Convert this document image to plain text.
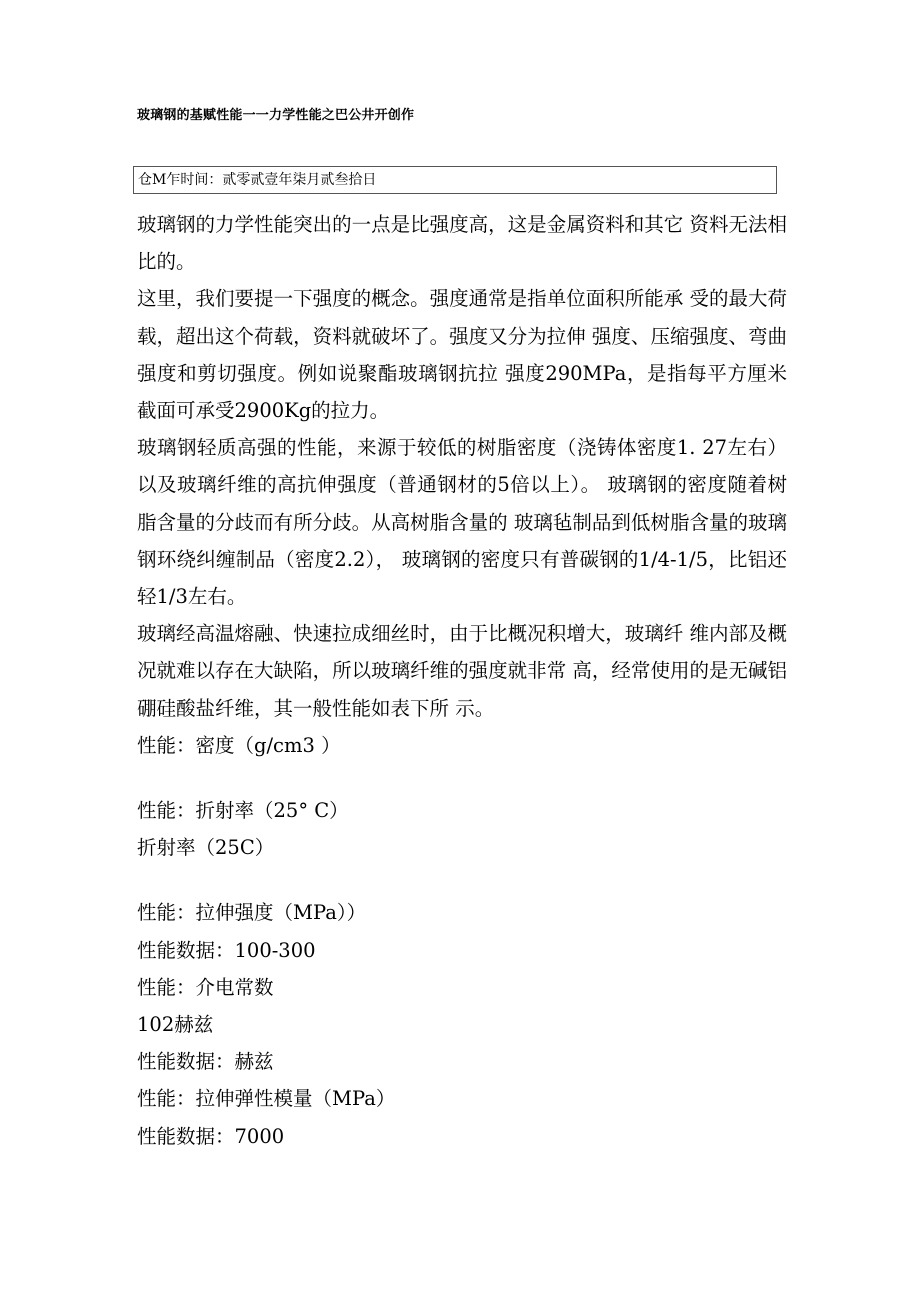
玻璃钢的基赋性能一一力学性能之巴公井开创作
仓M乍时间：贰零贰壹年柒月贰叁拾日

玻璃钢的力学性能突出的一点是比强度高，这是金属资料和其它 资料无法相比的。

这里，我们要提一下强度的概念。强度通常是指单位面积所能承 受的最大荷载，超出这个荷载，资料就破坏了。强度又分为拉伸 强度、压缩强度、弯曲强度和剪切强度。例如说聚酯玻璃钢抗拉 强度290MPa，是指每平方厘米截面可承受2900Kg的拉力。

玻璃钢轻质高强的性能，来源于较低的树脂密度（浇铸体密度1. 27左右）以及玻璃纤维的高抗伸强度（普通钢材的5倍以上）。 玻璃钢的密度随着树脂含量的分歧而有所分歧。从高树脂含量的 玻璃毡制品到低树脂含量的玻璃钢环绕纠缠制品（密度2.2）， 玻璃钢的密度只有普碳钢的1/4-1/5，比铝还轻1/3左右。

玻璃经高温熔融、快速拉成细丝时，由于比概况积增大，玻璃纤 维内部及概况就难以存在大缺陷，所以玻璃纤维的强度就非常 高，经常使用的是无碱铝硼硅酸盐纤维，其一般性能如表下所 示。

性能：密度（g/cm3 ）

性能：折射率（25° C）

折射率（25C）

性能：拉伸强度（MPa））

性能数据：100-300

性能：介电常数

102赫兹

性能数据：赫兹

性能：拉伸弹性模量（MPa）

性能数据：7000
